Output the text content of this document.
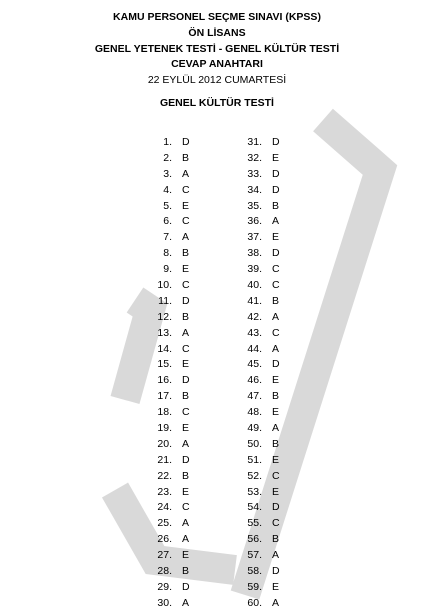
KAMU PERSONEL SEÇME SINAVI (KPSS)
ÖN LİSANS
GENEL YETENEK TESTİ - GENEL KÜLTÜR TESTİ
CEVAP ANAHTARI
22 EYLÜL 2012 CUMARTESİ
GENEL KÜLTÜR TESTİ
1. D
2. B
3. A
4. C
5. E
6. C
7. A
8. B
9. E
10. C
11. D
12. B
13. A
14. C
15. E
16. D
17. B
18. C
19. E
20. A
21. D
22. B
23. E
24. C
25. A
26. A
27. E
28. B
29. D
30. A
31. D
32. E
33. D
34. D
35. B
36. A
37. E
38. D
39. C
40. C
41. B
42. A
43. C
44. A
45. D
46. E
47. B
48. E
49. A
50. B
51. E
52. C
53. E
54. D
55. C
56. B
57. A
58. D
59. E
60. A
